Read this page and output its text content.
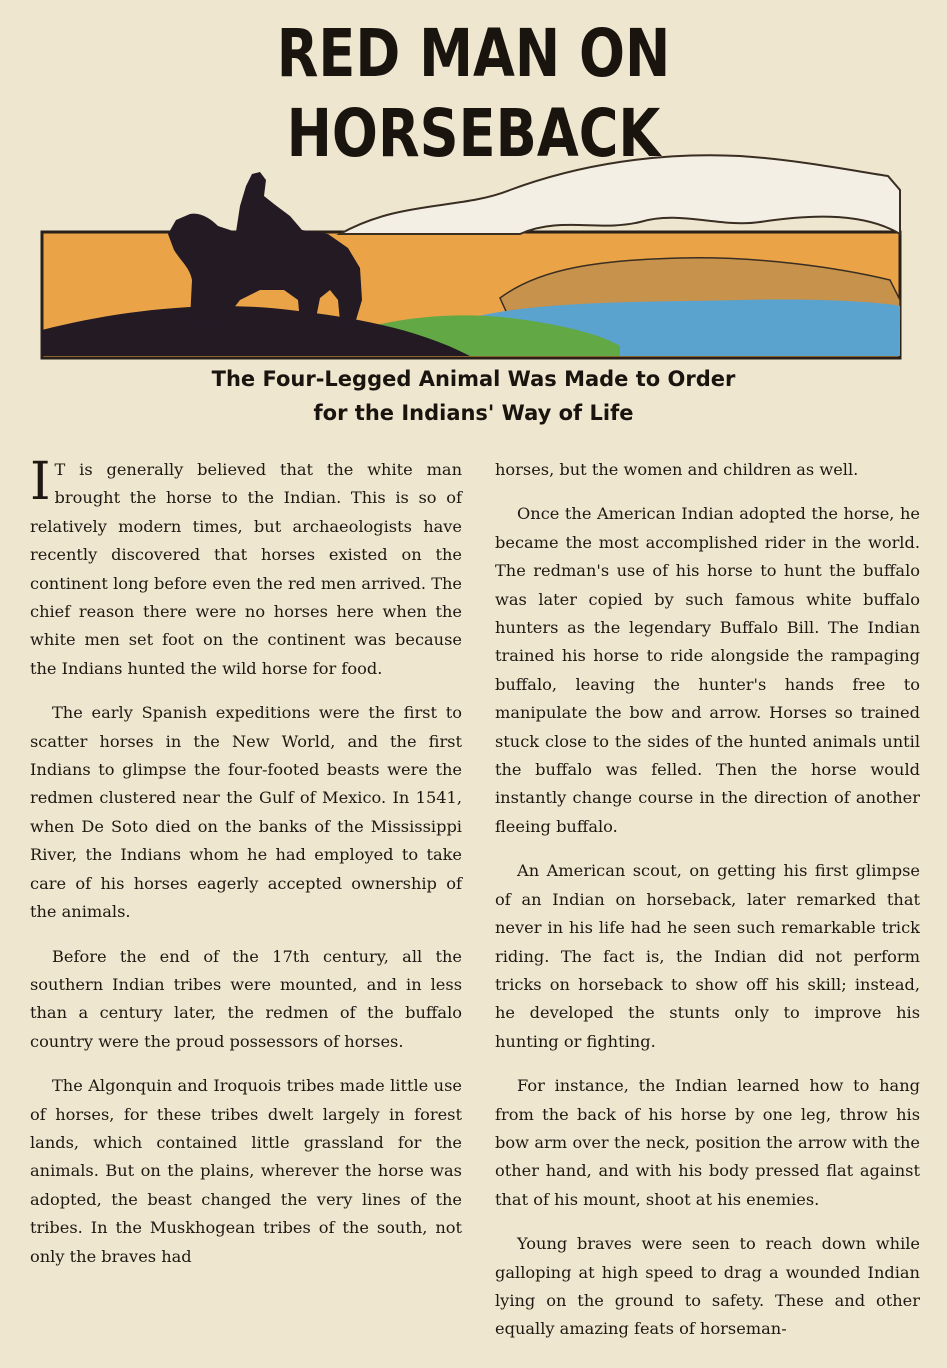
RED MAN ON HORSEBACK
The Four-Legged Animal Was Made to Order
for the Indians' Way of Life

I T is generally believed that the white man brought the horse to the Indian. This is so of relatively modern times, but archaeologists have recently discovered that horses existed on the continent long before even the red men arrived. The chief reason there were no horses here when the white men set foot on the continent was because the Indians hunted the wild horse for food.

The early Spanish expeditions were the first to scatter horses in the New World, and the first Indians to glimpse the four-footed beasts were the redmen clustered near the Gulf of Mexico. In 1541, when De Soto died on the banks of the Mississippi River, the Indians whom he had employed to take care of his horses eagerly accepted ownership of the animals.

Before the end of the 17th century, all the southern Indian tribes were mounted, and in less than a century later, the redmen of the buffalo country were the proud possessors of horses.

The Algonquin and Iroquois tribes made little use of horses, for these tribes dwelt largely in forest lands, which contained little grassland for the animals. But on the plains, wherever the horse was adopted, the beast changed the very lines of the tribes. In the Muskhogean tribes of the south, not only the braves had

horses, but the women and children as well.

Once the American Indian adopted the horse, he became the most accomplished rider in the world. The redman's use of his horse to hunt the buffalo was later copied by such famous white buffalo hunters as the legendary Buffalo Bill. The Indian trained his horse to ride alongside the rampaging buffalo, leaving the hunter's hands free to manipulate the bow and arrow. Horses so trained stuck close to the sides of the hunted animals until the buffalo was felled. Then the horse would instantly change course in the direction of another fleeing buffalo.

An American scout, on getting his first glimpse of an Indian on horseback, later remarked that never in his life had he seen such remarkable trick riding. The fact is, the Indian did not perform tricks on horseback to show off his skill; instead, he developed the stunts only to improve his hunting or fighting.

For instance, the Indian learned how to hang from the back of his horse by one leg, throw his bow arm over the neck, position the arrow with the other hand, and with his body pressed flat against that of his mount, shoot at his enemies.

Young braves were seen to reach down while galloping at high speed to drag a wounded Indian lying on the ground to safety. These and other equally amazing feats of horseman-
